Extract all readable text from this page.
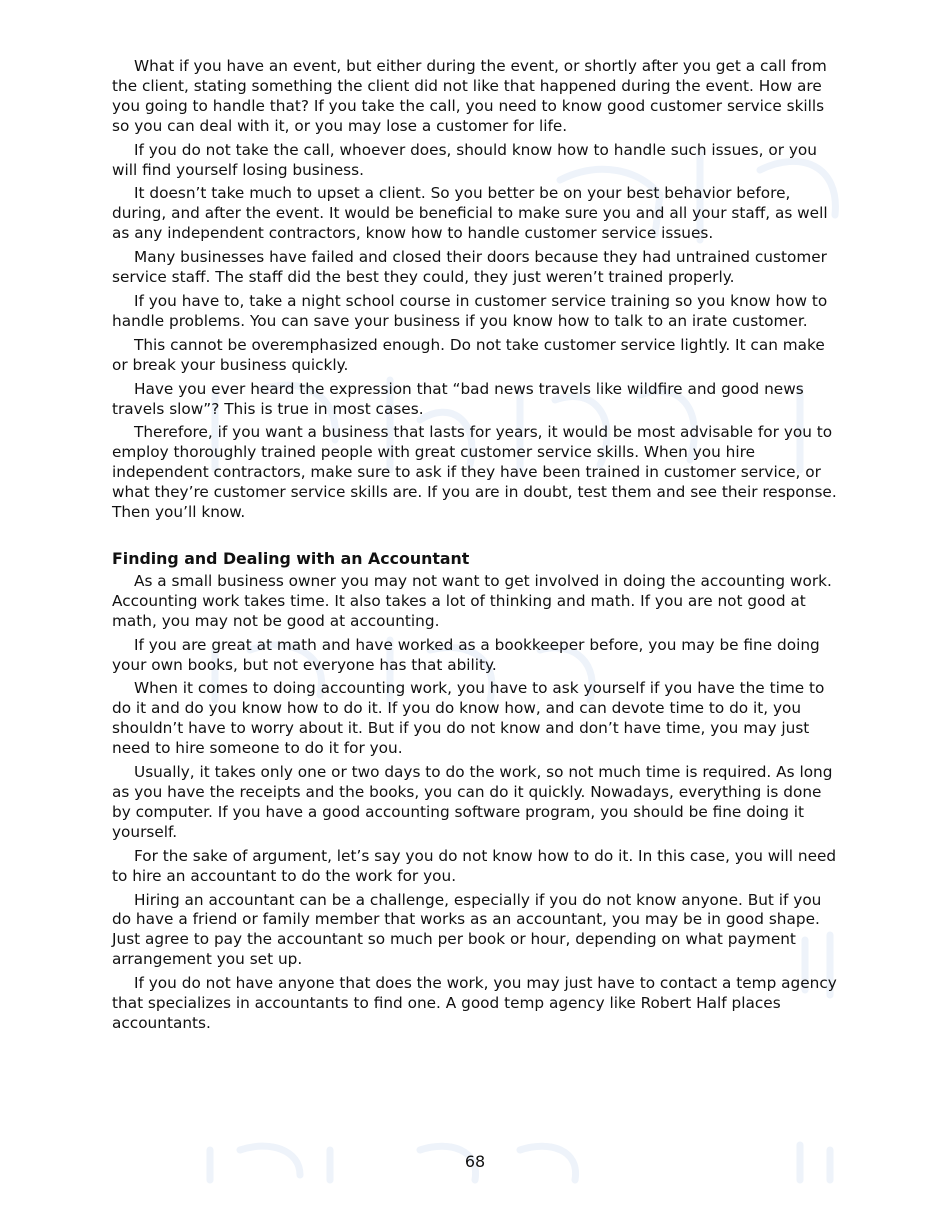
What if you have an event, but either during the event, or shortly after you get a call from the client, stating something the client did not like that happened during the event. How are you going to handle that? If you take the call, you need to know good customer service skills so you can deal with it, or you may lose a customer for life.

If you do not take the call, whoever does, should know how to handle such issues, or you will find yourself losing business.

It doesn’t take much to upset a client. So you better be on your best behavior before, during, and after the event. It would be beneficial to make sure you and all your staff, as well as any independent contractors, know how to handle customer service issues.

Many businesses have failed and closed their doors because they had untrained customer service staff. The staff did the best they could, they just weren’t trained properly.

If you have to, take a night school course in customer service training so you know how to handle problems. You can save your business if you know how to talk to an irate customer.

This cannot be overemphasized enough. Do not take customer service lightly. It can make or break your business quickly.

Have you ever heard the expression that “bad news travels like wildfire and good news travels slow”? This is true in most cases.

Therefore, if you want a business that lasts for years, it would be most advisable for you to employ thoroughly trained people with great customer service skills. When you hire independent contractors, make sure to ask if they have been trained in customer service, or what they’re customer service skills are. If you are in doubt, test them and see their response. Then you’ll know.

Finding and Dealing with an Accountant

As a small business owner you may not want to get involved in doing the accounting work. Accounting work takes time. It also takes a lot of thinking and math. If you are not good at math, you may not be good at accounting.

If you are great at math and have worked as a bookkeeper before, you may be fine doing your own books, but not everyone has that ability.

When it comes to doing accounting work, you have to ask yourself if you have the time to do it and do you know how to do it. If you do know how, and can devote time to do it, you shouldn’t have to worry about it. But if you do not know and don’t have time, you may just need to hire someone to do it for you.

Usually, it takes only one or two days to do the work, so not much time is required. As long as you have the receipts and the books, you can do it quickly. Nowadays, everything is done by computer. If you have a good accounting software program, you should be fine doing it yourself.

For the sake of argument, let’s say you do not know how to do it. In this case, you will need to hire an accountant to do the work for you.

Hiring an accountant can be a challenge, especially if you do not know anyone. But if you do have a friend or family member that works as an accountant, you may be in good shape. Just agree to pay the accountant so much per book or hour, depending on what payment arrangement you set up.

If you do not have anyone that does the work, you may just have to contact a temp agency that specializes in accountants to find one. A good temp agency like Robert Half places accountants.

68
